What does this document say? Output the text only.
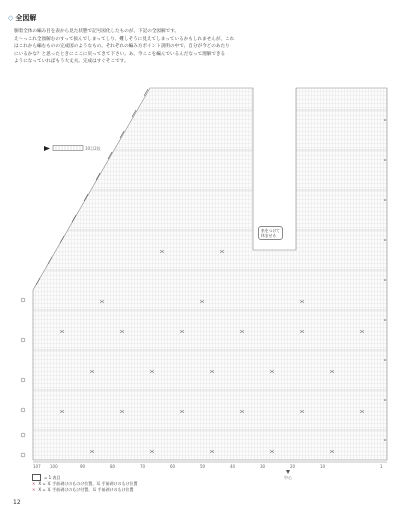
◇ 全図解

胴着全体の編み目を表から見た状態で記号図化したものが、下記の全図解です。

え～っこれ全図解むのすって抜んでしまってしり、難しそうに見えてしまっているかもしれませんが、これ

はこれから編むものの完成図のようなもの。それぞれの編み方ポイント説明の中で、自分が今どのあたり

にいるかな？と思ったときにここに戻ってきて下さい。あ、今ここを編んでいるんだなって理解できる

ようになっていればもう大丈夫。完成はすぐそこです。

10目2段
107 100	90	80	70	60	50	40	30	20	10	1
中心
糸をつけて
休ませる
= 1 表目
✕ X = 耳 手前剥けのものけ位置、耳 手前剥けのもけ位置
✕ X = 耳 手前剥けのもけ付置、耳 手前剥けのもけ位置
12
